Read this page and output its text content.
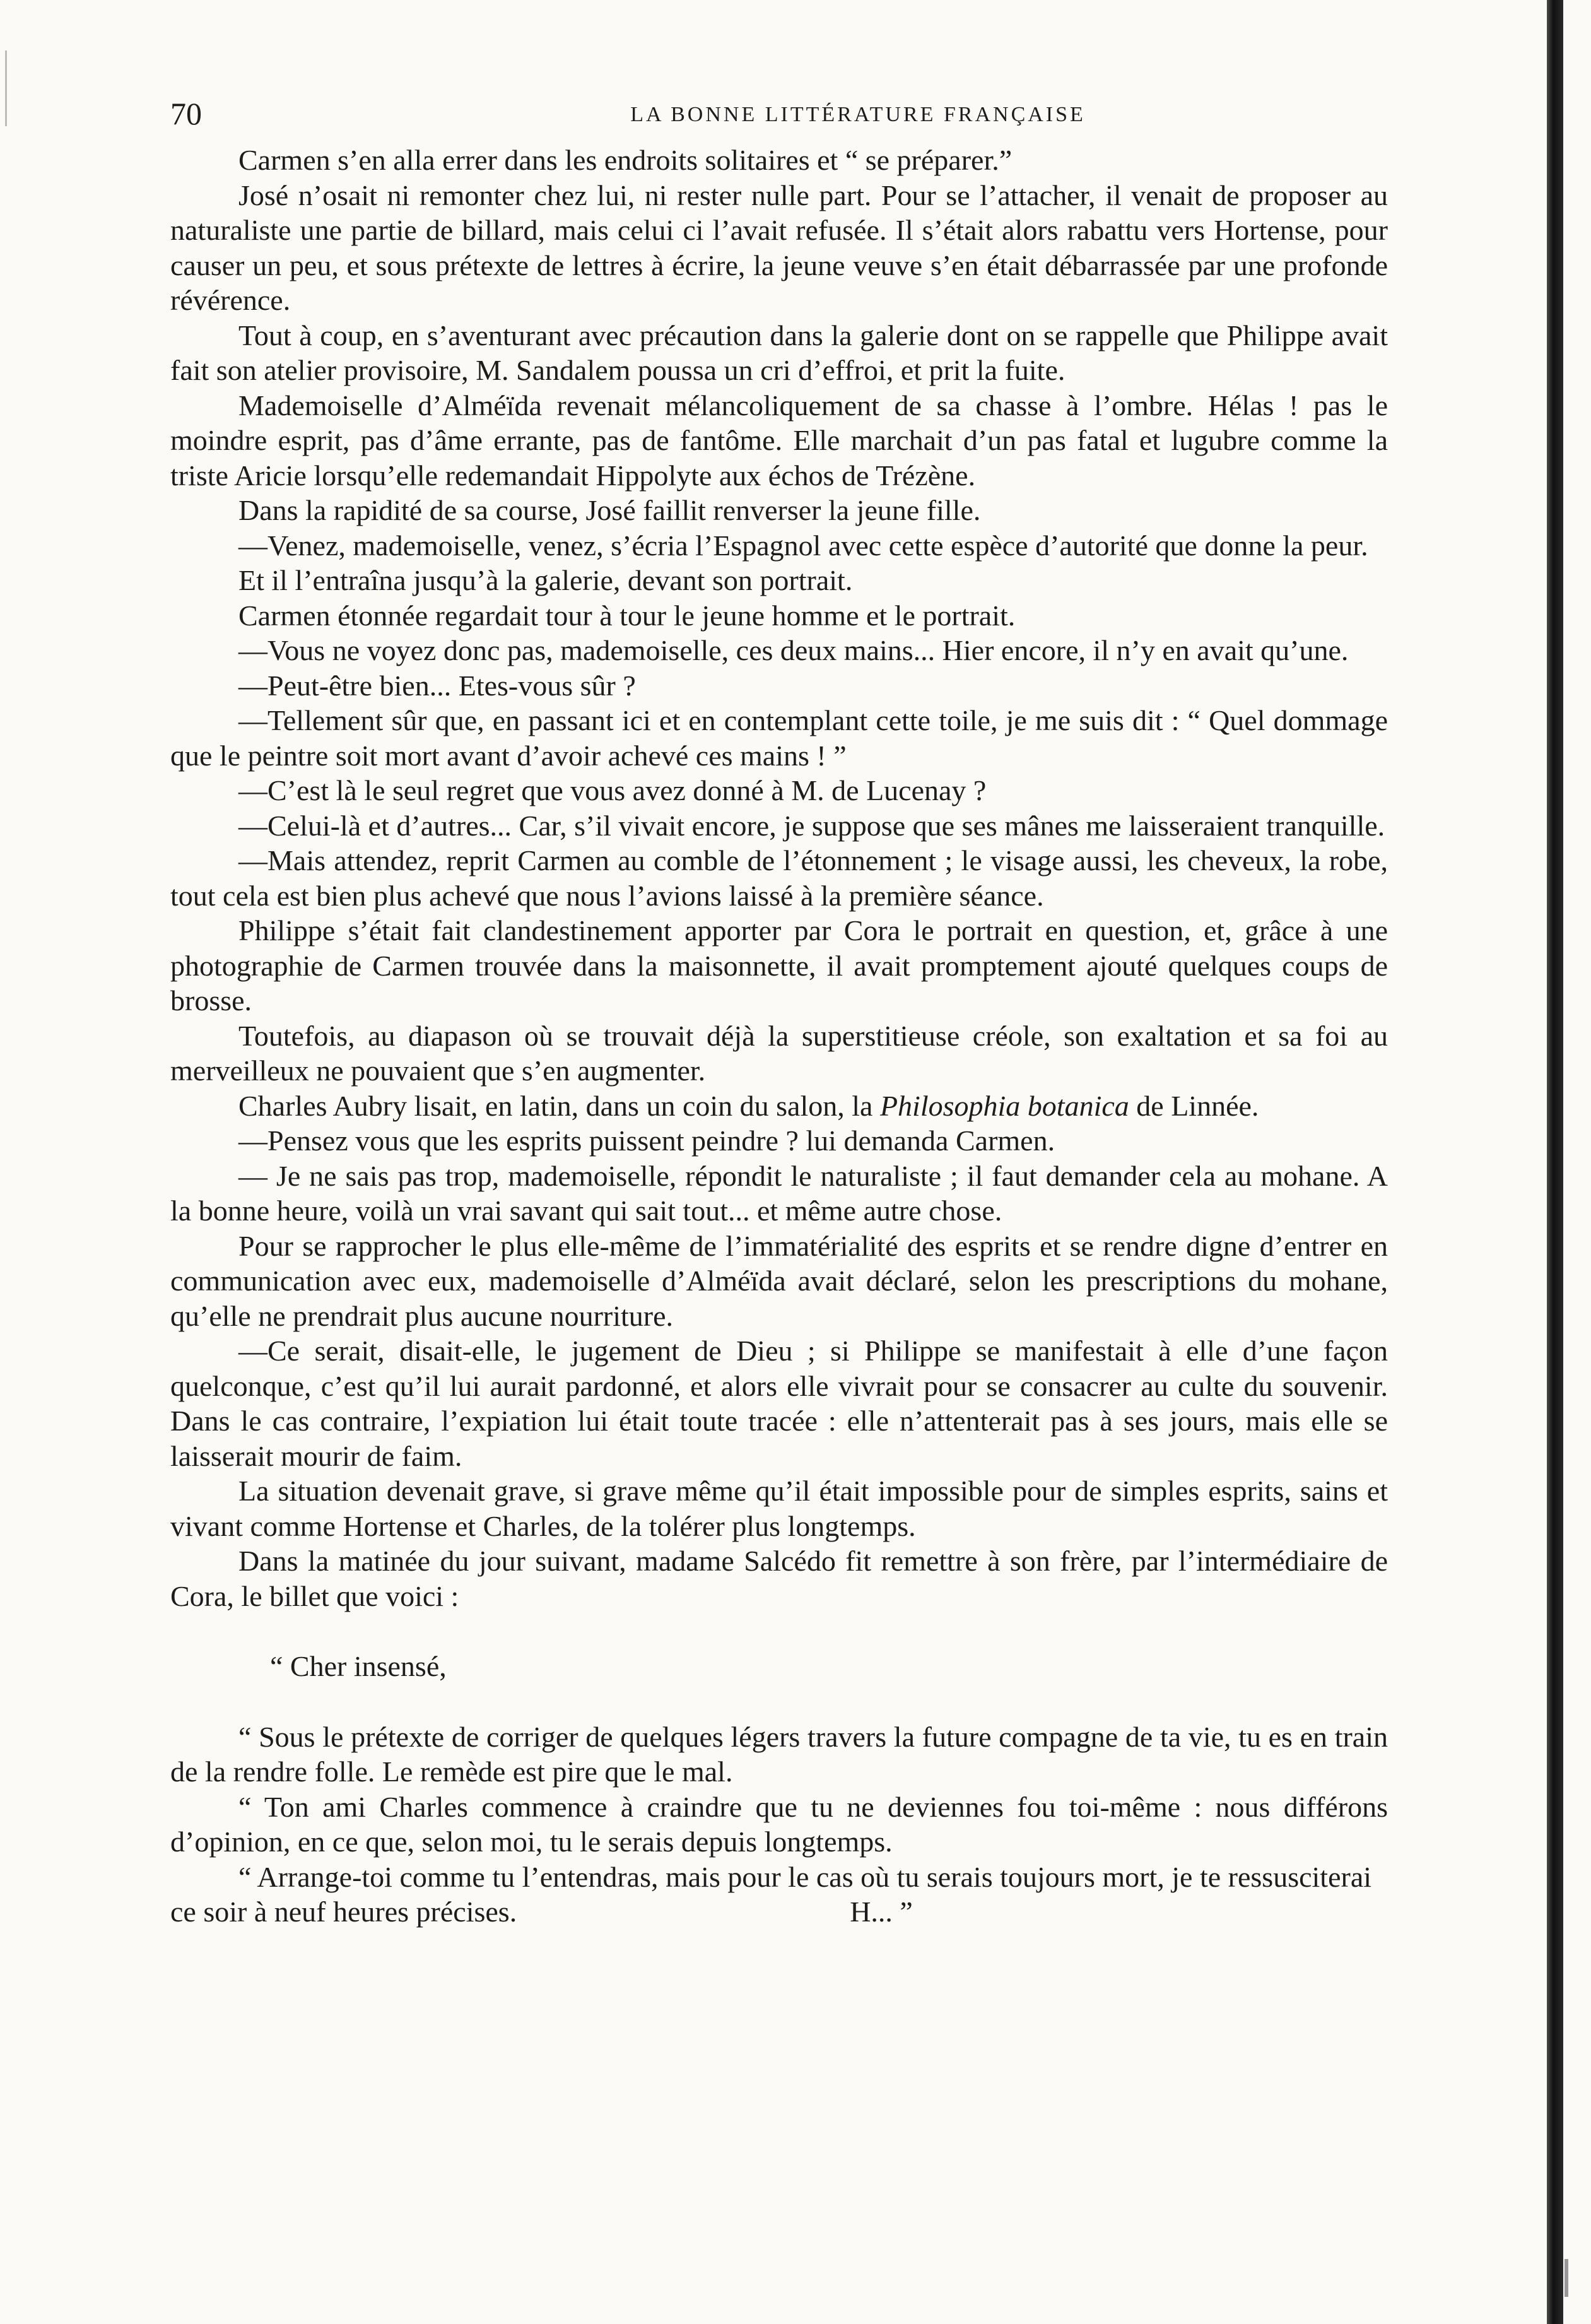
70	LA BONNE LITTÉRATURE FRANÇAISE

Carmen s’en alla errer dans les endroits solitaires et “ se préparer.”

José n’osait ni remonter chez lui, ni rester nulle part. Pour se l’attacher, il venait de proposer au naturaliste une partie de billard, mais celui ci l’avait refusée. Il s’était alors rabattu vers Hortense, pour causer un peu, et sous prétexte de lettres à écrire, la jeune veuve s’en était débarrassée par une profonde révérence.

Tout à coup, en s’aventurant avec précaution dans la galerie dont on se rappelle que Philippe avait fait son atelier provisoire, M. Sandalem poussa un cri d’effroi, et prit la fuite.

Mademoiselle d’Alméïda revenait mélancoliquement de sa chasse à l’ombre. Hélas ! pas le moindre esprit, pas d’âme errante, pas de fantôme. Elle marchait d’un pas fatal et lugubre comme la triste Aricie lorsqu’elle redemandait Hippolyte aux échos de Trézène.

Dans la rapidité de sa course, José faillit renverser la jeune fille.

—Venez, mademoiselle, venez, s’écria l’Espagnol avec cette espèce d’autorité que donne la peur.

Et il l’entraîna jusqu’à la galerie, devant son portrait.

Carmen étonnée regardait tour à tour le jeune homme et le portrait.

—Vous ne voyez donc pas, mademoiselle, ces deux mains... Hier encore, il n’y en avait qu’une.

—Peut-être bien... Etes-vous sûr ?

—Tellement sûr que, en passant ici et en contemplant cette toile, je me suis dit : “ Quel dommage que le peintre soit mort avant d’avoir achevé ces mains ! ”

—C’est là le seul regret que vous avez donné à M. de Lucenay ?

—Celui-là et d’autres... Car, s’il vivait encore, je suppose que ses mânes me laisseraient tranquille.

—Mais attendez, reprit Carmen au comble de l’étonnement ; le visage aussi, les cheveux, la robe, tout cela est bien plus achevé que nous l’avions laissé à la première séance.

Philippe s’était fait clandestinement apporter par Cora le portrait en question, et, grâce à une photographie de Carmen trouvée dans la maisonnette, il avait promptement ajouté quelques coups de brosse.

Toutefois, au diapason où se trouvait déjà la superstitieuse créole, son exaltation et sa foi au merveilleux ne pouvaient que s’en augmenter.

Charles Aubry lisait, en latin, dans un coin du salon, la Philosophia botanica de Linnée.

—Pensez vous que les esprits puissent peindre ? lui demanda Carmen.

— Je ne sais pas trop, mademoiselle, répondit le naturaliste ; il faut demander cela au mohane. A la bonne heure, voilà un vrai savant qui sait tout... et même autre chose.

Pour se rapprocher le plus elle-même de l’immatérialité des esprits et se rendre digne d’entrer en communication avec eux, mademoiselle d’Alméïda avait déclaré, selon les prescriptions du mohane, qu’elle ne prendrait plus aucune nourriture.

—Ce serait, disait-elle, le jugement de Dieu ; si Philippe se manifestait à elle d’une façon quelconque, c’est qu’il lui aurait pardonné, et alors elle vivrait pour se consacrer au culte du souvenir. Dans le cas contraire, l’expiation lui était toute tracée : elle n’attenterait pas à ses jours, mais elle se laisserait mourir de faim.

La situation devenait grave, si grave même qu’il était impossible pour de simples esprits, sains et vivant comme Hortense et Charles, de la tolérer plus longtemps.

Dans la matinée du jour suivant, madame Salcédo fit remettre à son frère, par l’intermédiaire de Cora, le billet que voici :

“ Cher insensé,

“ Sous le prétexte de corriger de quelques légers travers la future compagne de ta vie, tu es en train de la rendre folle. Le remède est pire que le mal.

“ Ton ami Charles commence à craindre que tu ne deviennes fou toi-même : nous différons d’opinion, en ce que, selon moi, tu le serais depuis longtemps.

“ Arrange-toi comme tu l’entendras, mais pour le cas où tu serais toujours mort, je te ressusciterai ce soir à neuf heures précises.	H... ”
